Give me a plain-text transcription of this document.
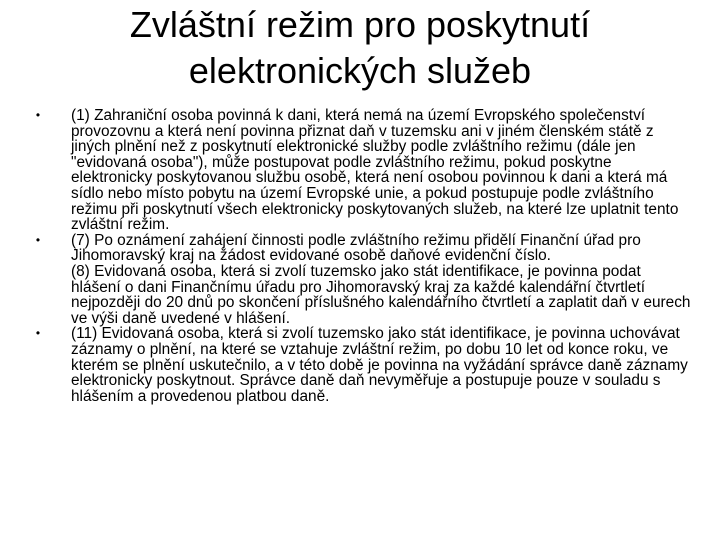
Zvláštní režim pro poskytnutí
elektronických služeb
•	(1) Zahraniční osoba povinná k dani, která nemá na území Evropského společenství provozovnu a která není povinna přiznat daň v tuzemsku ani v jiném členském státě z jiných plnění než z poskytnutí elektronické služby podle zvláštního režimu (dále jen "evidovaná osoba"), může postupovat podle zvláštního režimu, pokud poskytne elektronicky poskytovanou službu osobě, která není osobou povinnou k dani a která má sídlo nebo místo pobytu na území Evropské unie, a pokud postupuje podle zvláštního režimu při poskytnutí všech elektronicky poskytovaných služeb, na které lze uplatnit tento zvláštní režim.
•	(7) Po oznámení zahájení činnosti podle zvláštního režimu přidělí Finanční úřad pro Jihomoravský kraj na žádost evidované osobě daňové evidenční číslo.
(8) Evidovaná osoba, která si zvolí tuzemsko jako stát identifikace, je povinna podat hlášení o dani Finančnímu úřadu pro Jihomoravský kraj za každé kalendářní čtvrtletí nejpozději do 20 dnů po skončení příslušného kalendářního čtvrtletí a zaplatit daň v eurech ve výši daně uvedené v hlášení.
•	(11) Evidovaná osoba, která si zvolí tuzemsko jako stát identifikace, je povinna uchovávat záznamy o plnění, na které se vztahuje zvláštní režim, po dobu 10 let od konce roku, ve kterém se plnění uskutečnilo, a v této době je povinna na vyžádání správce daně záznamy elektronicky poskytnout. Správce daně daň nevyměřuje a postupuje pouze v souladu s hlášením a provedenou platbou daně.
